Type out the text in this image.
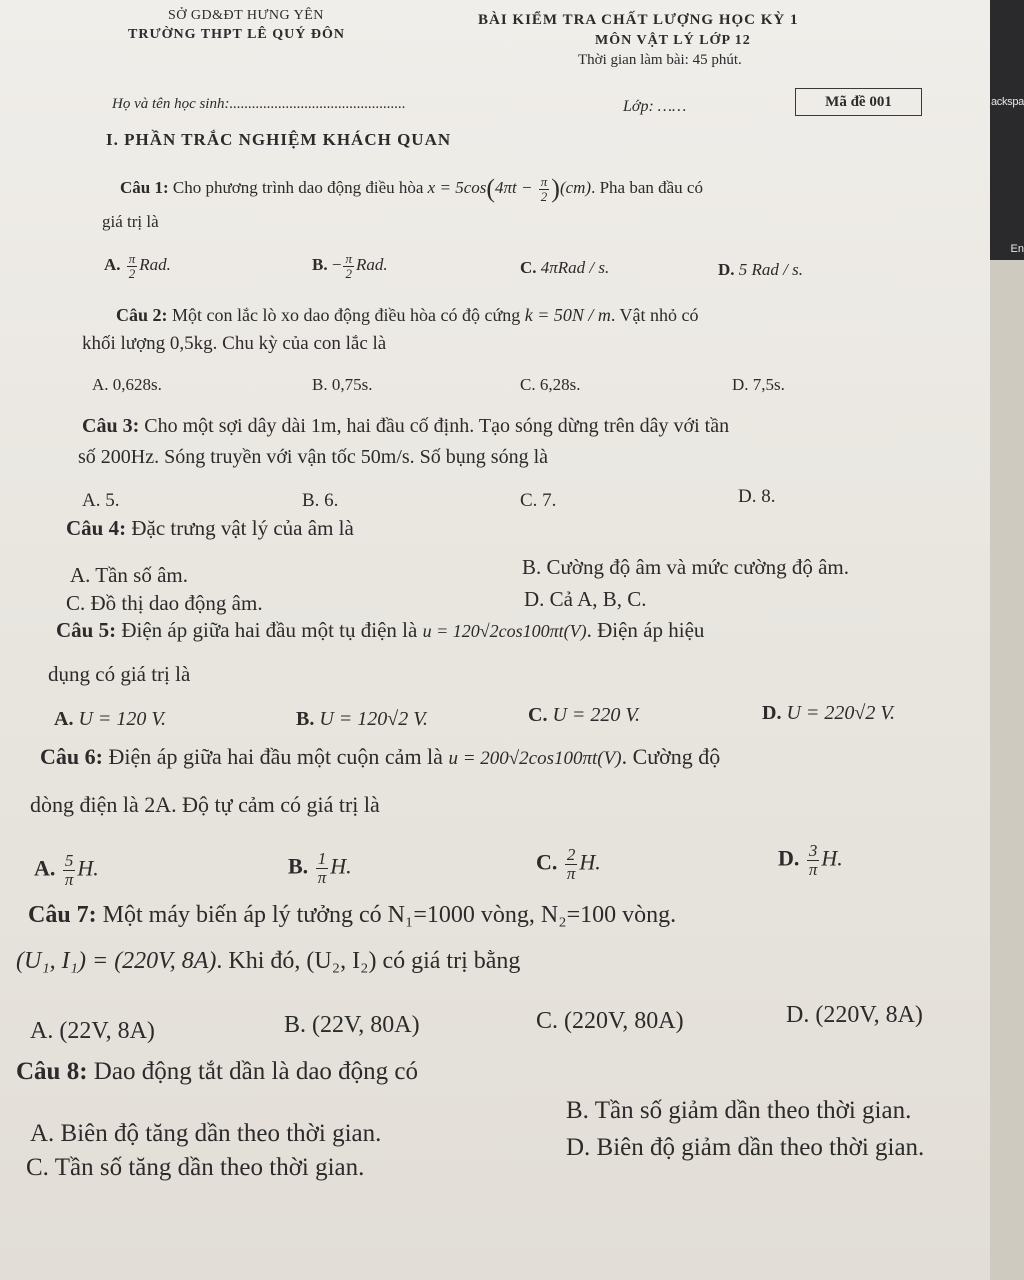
SỞ GD&ĐT HƯNG YÊN
TRƯỜNG THPT LÊ QUÝ ĐÔN
BÀI KIỂM TRA CHẤT LƯỢNG HỌC KỲ 1
MÔN VẬT LÝ LỚP 12
Thời gian làm bài: 45 phút.
Họ và tên học sinh:...............................................	Lớp: ……	Mã đề 001
I. PHẦN TRẮC NGHIỆM KHÁCH QUAN
Câu 1: Cho phương trình dao động điều hòa $x = 5\cos(4\pi t - \frac{\pi}{2} )(cm)$. Pha ban đầu có
giá trị là
A. $\frac{\pi}{2}$ Rad.	B. − $\frac{\pi}{2}$ Rad.	C. 4πRad / s.	D. 5 Rad / s.
Câu 2: Một con lắc lò xo dao động điều hòa có độ cứng k = 50N / m. Vật nhỏ có
khối lượng 0,5kg. Chu kỳ của con lắc là
A. 0,628s.	B. 0,75s.	C. 6,28s.	D. 7,5s.
Câu 3: Cho một sợi dây dài 1m, hai đầu cố định. Tạo sóng dừng trên dây với tần
số 200Hz. Sóng truyền với vận tốc 50m/s. Số bụng sóng là
A. 5.	B. 6.	C. 7.	D. 8.
Câu 4: Đặc trưng vật lý của âm là
A. Tần số âm.	B. Cường độ âm và mức cường độ âm.
C. Đồ thị dao động âm.	D. Cả A, B, C.
Câu 5: Điện áp giữa hai đầu một tụ điện là u = 120√2cos100πt(V). Điện áp hiệu
dụng có giá trị là
A. U = 120 V.	B. U = 120√2 V.	C. U = 220 V.	D. U = 220√2 V.
Câu 6: Điện áp giữa hai đầu một cuộn cảm là u = 200√2cos100πt(V). Cường độ
dòng điện là 2A. Độ tự cảm có giá trị là
A. $\frac{5}{\pi} H$.	B. $\frac{1}{\pi} H$.	C. $\frac{2}{\pi} H$.	D. $\frac{3}{\pi} H$.
Câu 7: Một máy biến áp lý tưởng có N₁=1000 vòng, N₂=100 vòng.
(U₁, I₁) = (220V, 8A). Khi đó, (U₂, I₂) có giá trị bằng
A. (22V, 8A)	B. (22V, 80A)	C. (220V, 80A)	D. (220V, 8A)
Câu 8: Dao động tắt dần là dao động có
A. Biên độ tăng dần theo thời gian.
B. Tần số giảm dần theo thời gian.
C. Tần số tăng dần theo thời gian.
D. Biên độ giảm dần theo thời gian.
ackspa
En
